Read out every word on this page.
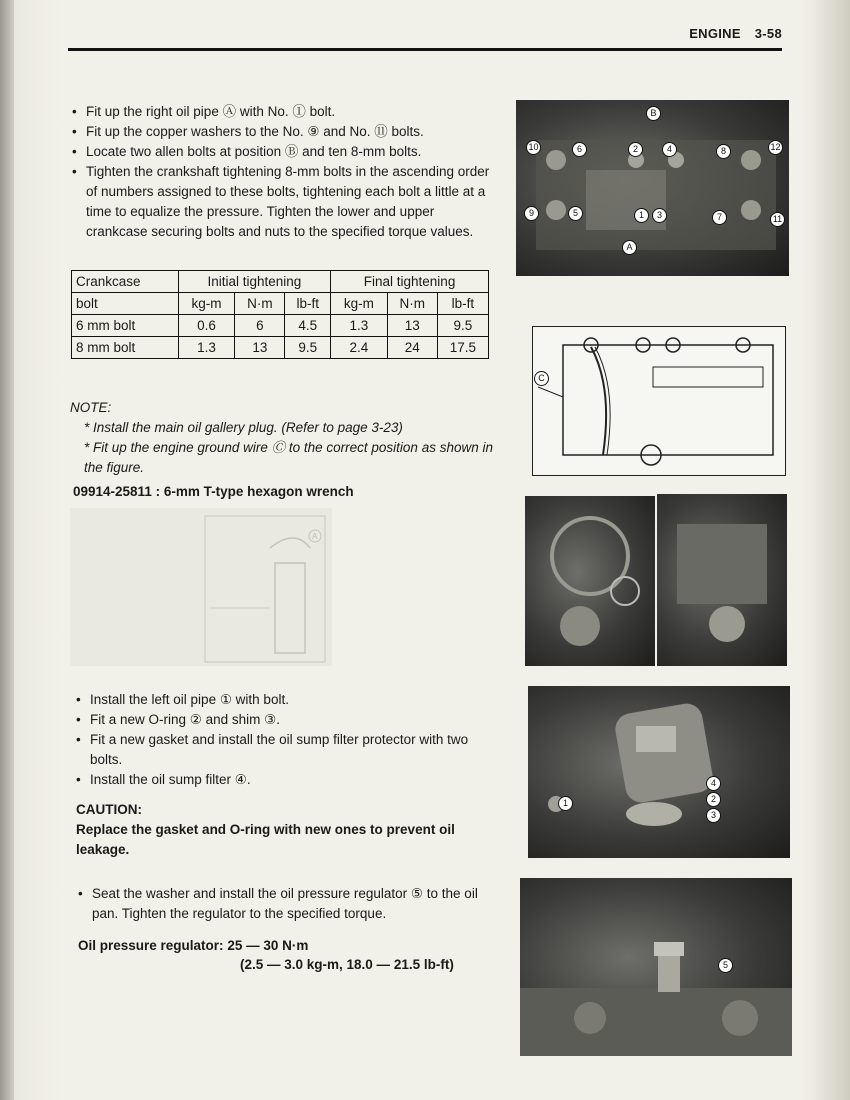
ENGINE 3-58
• Fit up the right oil pipe Ⓐ with No. ① bolt.
• Fit up the copper washers to the No. ⑨ and No. ⑪ bolts.
• Locate two allen bolts at position Ⓑ and ten 8-mm bolts.
• Tighten the crankshaft tightening 8-mm bolts in the ascending order of numbers assigned to these bolts, tightening each bolt a little at a time to equalize the pressure. Tighten the lower and upper crankcase securing bolts and nuts to the specified torque values.
Crankcase	Initial tightening			Final tightening		
bolt	kg-m	N·m	lb-ft	kg-m	N·m	lb-ft
6 mm bolt	0.6	6	4.5	1.3	13	9.5
8 mm bolt	1.3	13	9.5	2.4	24	17.5
NOTE:
* Install the main oil gallery plug. (Refer to page 3-23)
* Fit up the engine ground wire Ⓒ to the correct position as shown in the figure.
09914-25811 : 6-mm T-type hexagon wrench
A
• Install the left oil pipe ① with bolt.
• Fit a new O-ring ② and shim ③.
• Fit a new gasket and install the oil sump filter protector with two bolts.
• Install the oil sump filter ④.
CAUTION:
Replace the gasket and O-ring with new ones to prevent oil leakage.
• Seat the washer and install the oil pressure regulator ⑤ to the oil pan. Tighten the regulator to the specified torque.
Oil pressure regulator: 25 — 30 N·m
(2.5 — 3.0 kg-m, 18.0 — 21.5 lb-ft)
B
10	6	2	4	8	12
3
5	1
9	7	11
A
C
1
4
2
3
5
